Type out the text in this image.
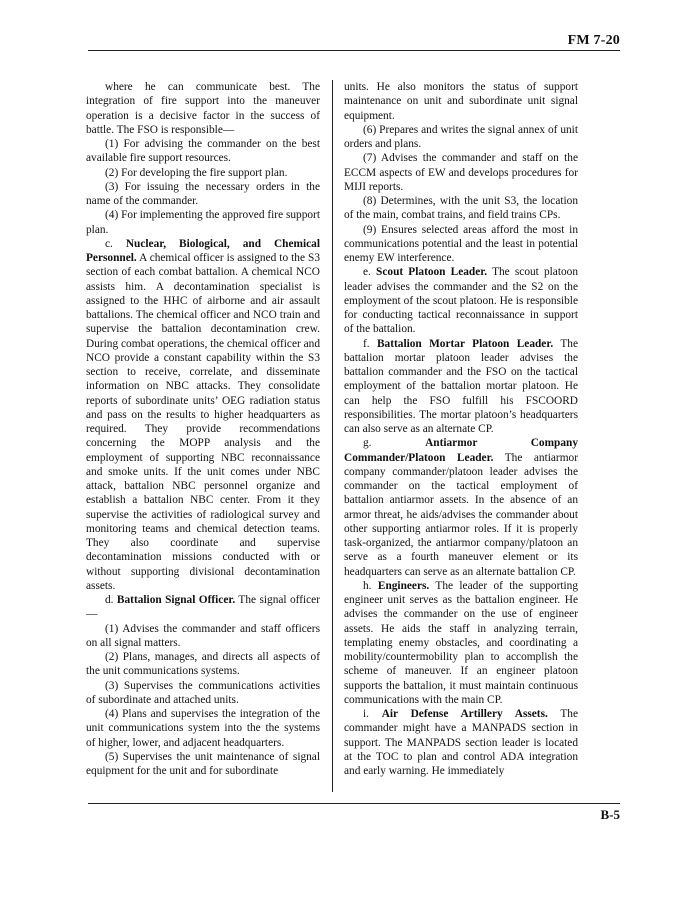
FM 7-20

where he can communicate best. The integration of fire support into the maneuver operation is a decisive factor in the success of battle. The FSO is responsible—

(1) For advising the commander on the best available fire support resources.

(2) For developing the fire support plan.

(3) For issuing the necessary orders in the name of the commander.

(4) For implementing the approved fire support plan.

c. Nuclear, Biological, and Chemical Personnel. A chemical officer is assigned to the S3 section of each combat battalion. A chemical NCO assists him. A decontamination specialist is assigned to the HHC of airborne and air assault battalions. The chemical officer and NCO train and supervise the battalion decontamination crew. During combat operations, the chemical officer and NCO provide a constant capability within the S3 section to receive, correlate, and disseminate information on NBC attacks. They consolidate reports of subordinate units’ OEG radiation status and pass on the results to higher headquarters as required. They provide recommendations concerning the MOPP analysis and the employment of supporting NBC reconnaissance and smoke units. If the unit comes under NBC attack, battalion NBC personnel organize and establish a battalion NBC center. From it they supervise the activities of radiological survey and monitoring teams and chemical detection teams. They also coordinate and supervise decontamination missions conducted with or without supporting divisional decontamination assets.

d. Battalion Signal Officer. The signal officer—

(1) Advises the commander and staff officers on all signal matters.

(2) Plans, manages, and directs all aspects of the unit communications systems.

(3) Supervises the communications activities of subordinate and attached units.

(4) Plans and supervises the integration of the unit communications system into the the systems of higher, lower, and adjacent headquarters.

(5) Supervises the unit maintenance of signal equipment for the unit and for subordinate

units. He also monitors the status of support maintenance on unit and subordinate unit signal equipment.

(6) Prepares and writes the signal annex of unit orders and plans.

(7) Advises the commander and staff on the ECCM aspects of EW and develops procedures for MIJI reports.

(8) Determines, with the unit S3, the location of the main, combat trains, and field trains CPs.

(9) Ensures selected areas afford the most in communications potential and the least in potential enemy EW interference.

e. Scout Platoon Leader. The scout platoon leader advises the commander and the S2 on the employment of the scout platoon. He is responsible for conducting tactical reconnaissance in support of the battalion.

f. Battalion Mortar Platoon Leader. The battalion mortar platoon leader advises the battalion commander and the FSO on the tactical employment of the battalion mortar platoon. He can help the FSO fulfill his FSCOORD responsibilities. The mortar platoon’s headquarters can also serve as an alternate CP.

g. Antiarmor Company Commander/Platoon Leader. The antiarmor company commander/platoon leader advises the commander on the tactical employment of battalion antiarmor assets. In the absence of an armor threat, he aids/advises the commander about other supporting antiarmor roles. If it is properly task-organized, the antiarmor company/platoon an serve as a fourth maneuver element or its headquarters can serve as an alternate battalion CP.

h. Engineers. The leader of the supporting engineer unit serves as the battalion engineer. He advises the commander on the use of engineer assets. He aids the staff in analyzing terrain, templating enemy obstacles, and coordinating a mobility/countermobility plan to accomplish the scheme of maneuver. If an engineer platoon supports the battalion, it must maintain continuous communications with the main CP.

i. Air Defense Artillery Assets. The commander might have a MANPADS section in support. The MANPADS section leader is located at the TOC to plan and control ADA integration and early warning. He immediately

B-5
